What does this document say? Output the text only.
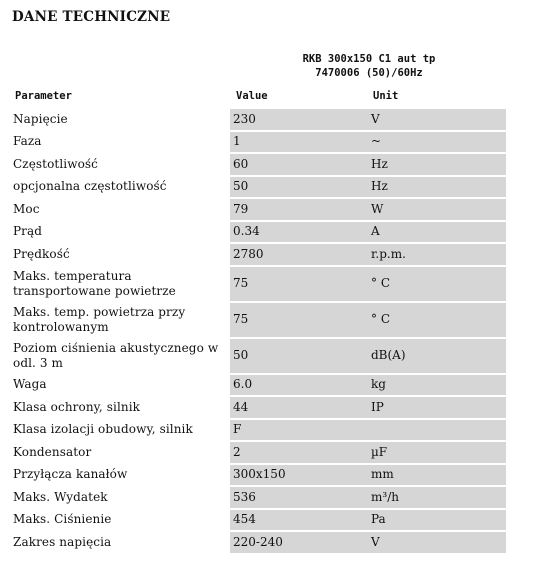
DANE TECHNICZNE
RKB 300x150 C1 aut tp
7470006 (50)/60Hz
Parameter	Value	Unit
Napięcie	230	V
Faza	1	~
Częstotliwość	60	Hz
opcjonalna częstotliwość	50	Hz
Moc	79	W
Prąd	0.34	A
Prędkość	2780	r.p.m.
Maks. temperatura transportowane powietrze	75	° C
Maks. temp. powietrza przy kontrolowanym	75	° C
Poziom ciśnienia akustycznego w odl. 3 m	50	dB(A)
Waga	6.0	kg
Klasa ochrony, silnik	44	IP
Klasa izolacji obudowy, silnik	F	
Kondensator	2	µF
Przyłącza kanałów	300x150	mm
Maks. Wydatek	536	m³/h
Maks. Ciśnienie	454	Pa
Zakres napięcia	220-240	V
